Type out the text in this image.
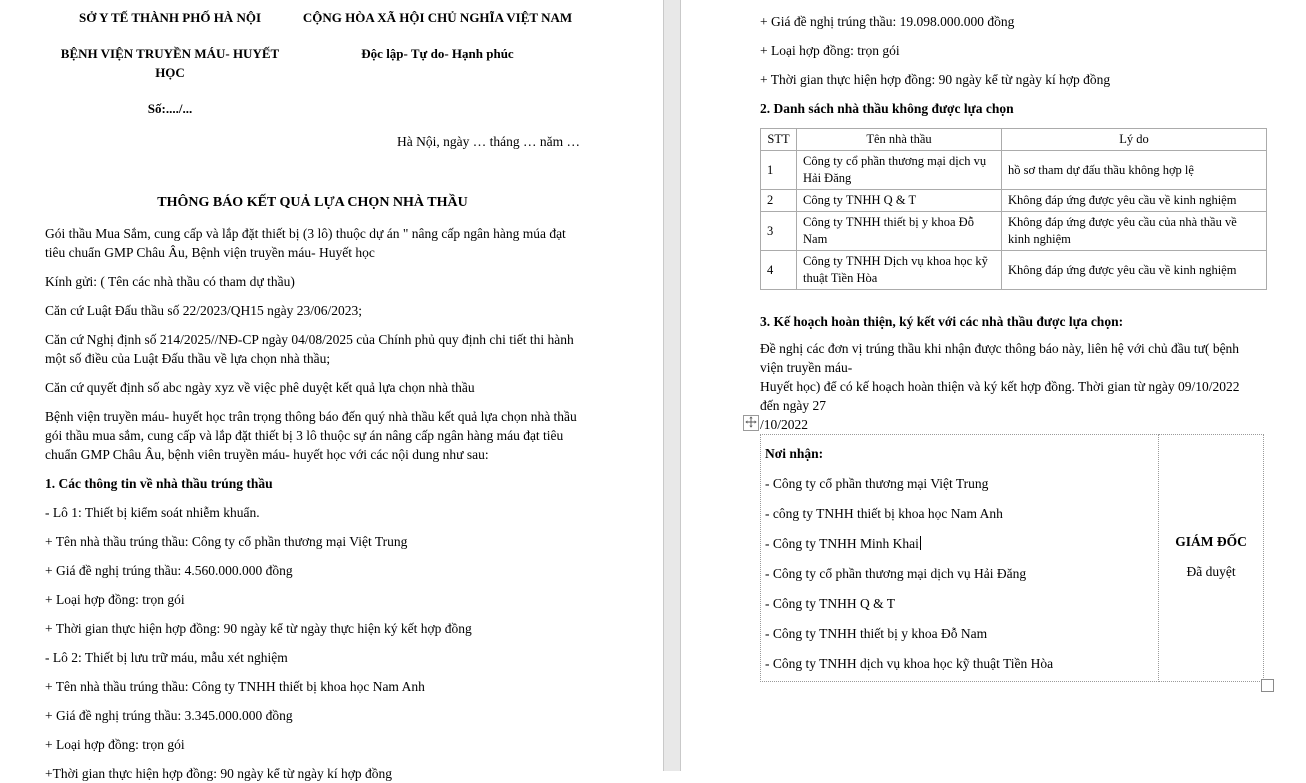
SỞ Y TẾ THÀNH PHỐ HÀ NỘI
BỆNH VIỆN TRUYỀN MÁU- HUYẾT HỌC
Số:..../...
CỘNG HÒA XÃ HỘI CHỦ NGHĨA VIỆT NAM
Độc lập- Tự do- Hạnh phúc
Hà Nội, ngày … tháng … năm …
THÔNG BÁO KẾT QUẢ LỰA CHỌN NHÀ THẦU

Gói thầu Mua Sắm, cung cấp và lắp đặt thiết bị (3 lô) thuộc dự án " nâng cấp ngân hàng múa đạt tiêu chuẩn GMP Châu Âu, Bệnh viện truyền máu- Huyết học

Kính gửi: ( Tên các nhà thầu có tham dự thầu)

Căn cứ Luật Đấu thầu số 22/2023/QH15 ngày 23/06/2023;

Căn cứ Nghị định số 214/2025//NĐ-CP ngày 04/08/2025 của Chính phủ quy định chi tiết thi hành một số điều của Luật Đấu thầu về lựa chọn nhà thầu;

Căn cứ quyết định số abc ngày xyz về việc phê duyệt kết quả lựa chọn nhà thầu

Bệnh viện truyền máu- huyết học trân trọng thông báo đến quý nhà thầu kết quả lựa chọn nhà thầu gói thầu mua sắm, cung cấp và lắp đặt thiết bị 3 lô thuộc sự án nâng cấp ngân hàng máu đạt tiêu chuẩn GMP Châu Âu, bệnh viên truyền máu- huyết học với các nội dung như sau:

1. Các thông tin về nhà thầu trúng thầu

- Lô 1: Thiết bị kiểm soát nhiễm khuẩn.

+ Tên nhà thầu trúng thầu: Công ty cổ phần thương mại Việt Trung

+ Giá đề nghị trúng thầu: 4.560.000.000 đồng

+ Loại hợp đồng: trọn gói

+ Thời gian thực hiện hợp đồng: 90 ngày kể từ ngày thực hiện ký kết hợp đồng

- Lô 2: Thiết bị lưu trữ máu, mẫu xét nghiệm

+ Tên nhà thầu trúng thầu: Công ty TNHH thiết bị khoa học Nam Anh

+ Giá đề nghị trúng thầu: 3.345.000.000 đồng

+ Loại hợp đồng: trọn gói

+Thời gian thực hiện hợp đồng: 90 ngày kể từ ngày kí hợp đồng

+ Giá đề nghị trúng thầu: 19.098.000.000 đồng

+ Loại hợp đồng: trọn gói

+ Thời gian thực hiện hợp đồng: 90 ngày kể từ ngày kí hợp đồng

2. Danh sách nhà thầu không được lựa chọn

STT	Tên nhà thầu	Lý do
1	Công ty cổ phần thương mại dịch vụ Hải Đăng	hồ sơ tham dự đấu thầu không hợp lệ
2	Công ty TNHH Q & T	Không đáp ứng được yêu cầu về kinh nghiệm
3	Công ty TNHH thiết bị y khoa Đỗ Nam	Không đáp ứng được yêu cầu của nhà thầu về kinh nghiệm
4	Công ty TNHH Dịch vụ khoa học kỹ thuật Tiền Hòa	Không đáp ứng được yêu cầu về kinh nghiệm

3. Kế hoạch hoàn thiện, ký kết với các nhà thầu được lựa chọn:

Đề nghị các đơn vị trúng thầu khi nhận được thông báo này, liên hệ với chủ đầu tư( bệnh viện truyền máu-
Huyết học) để có kế hoạch hoàn thiện và ký kết hợp đồng. Thời gian từ ngày 09/10/2022 đến ngày 27
/10/2022
Nơi nhận:
- Công ty cổ phần thương mại Việt Trung
- công ty TNHH thiết bị khoa học Nam Anh
- Công ty TNHH Minh Khai
- Công ty cổ phần thương mại dịch vụ Hải Đăng
- Công ty TNHH Q & T
- Công ty TNHH thiết bị y khoa Đỗ Nam
- Công ty TNHH dịch vụ khoa học kỹ thuật Tiền Hòa

GIÁM ĐỐC
Đã duyệt
